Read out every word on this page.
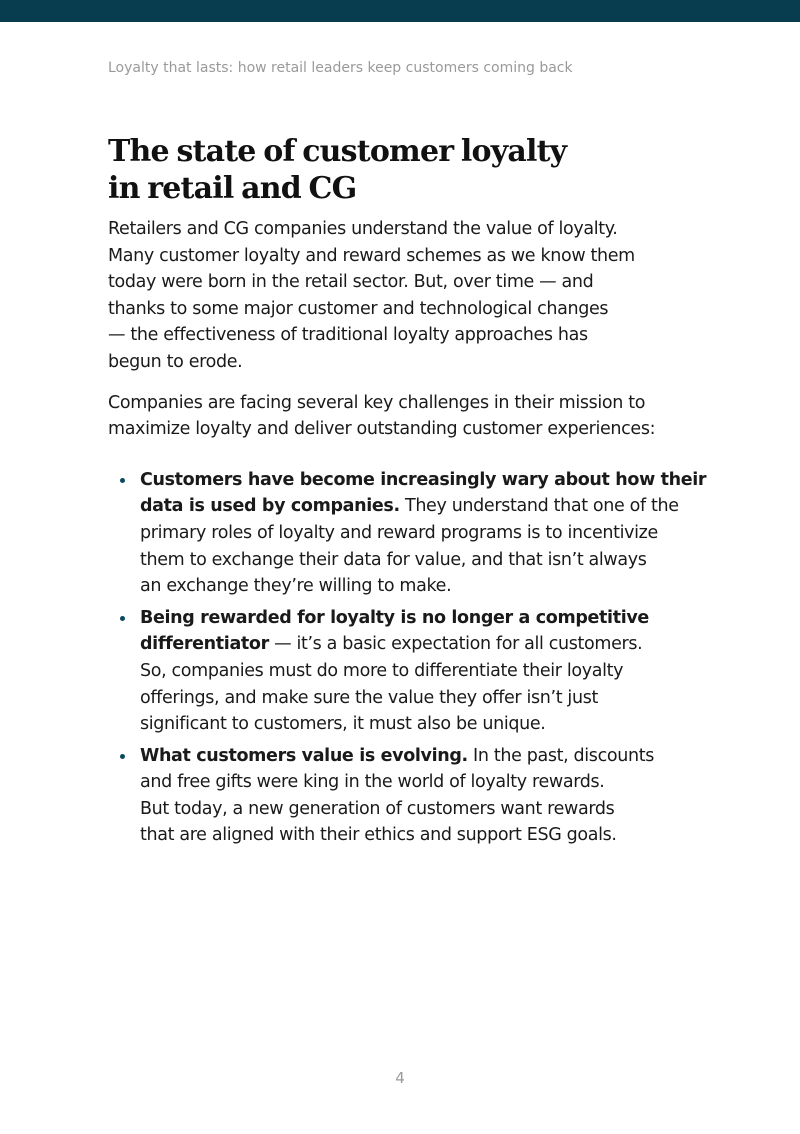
Loyalty that lasts: how retail leaders keep customers coming back
The state of customer loyalty
in retail and CG

Retailers and CG companies understand the value of loyalty.
Many customer loyalty and reward schemes as we know them
today were born in the retail sector. But, over time — and
thanks to some major customer and technological changes
— the effectiveness of traditional loyalty approaches has
begun to erode.

Companies are facing several key challenges in their mission to
maximize loyalty and deliver outstanding customer experiences:

Customers have become increasingly wary about how their
data is used by companies. They understand that one of the
primary roles of loyalty and reward programs is to incentivize
them to exchange their data for value, and that isn’t always
an exchange they’re willing to make.
Being rewarded for loyalty is no longer a competitive
differentiator — it’s a basic expectation for all customers.
So, companies must do more to differentiate their loyalty
offerings, and make sure the value they offer isn’t just
significant to customers, it must also be unique.
What customers value is evolving. In the past, discounts
and free gifts were king in the world of loyalty rewards.
But today, a new generation of customers want rewards
that are aligned with their ethics and support ESG goals.
4
